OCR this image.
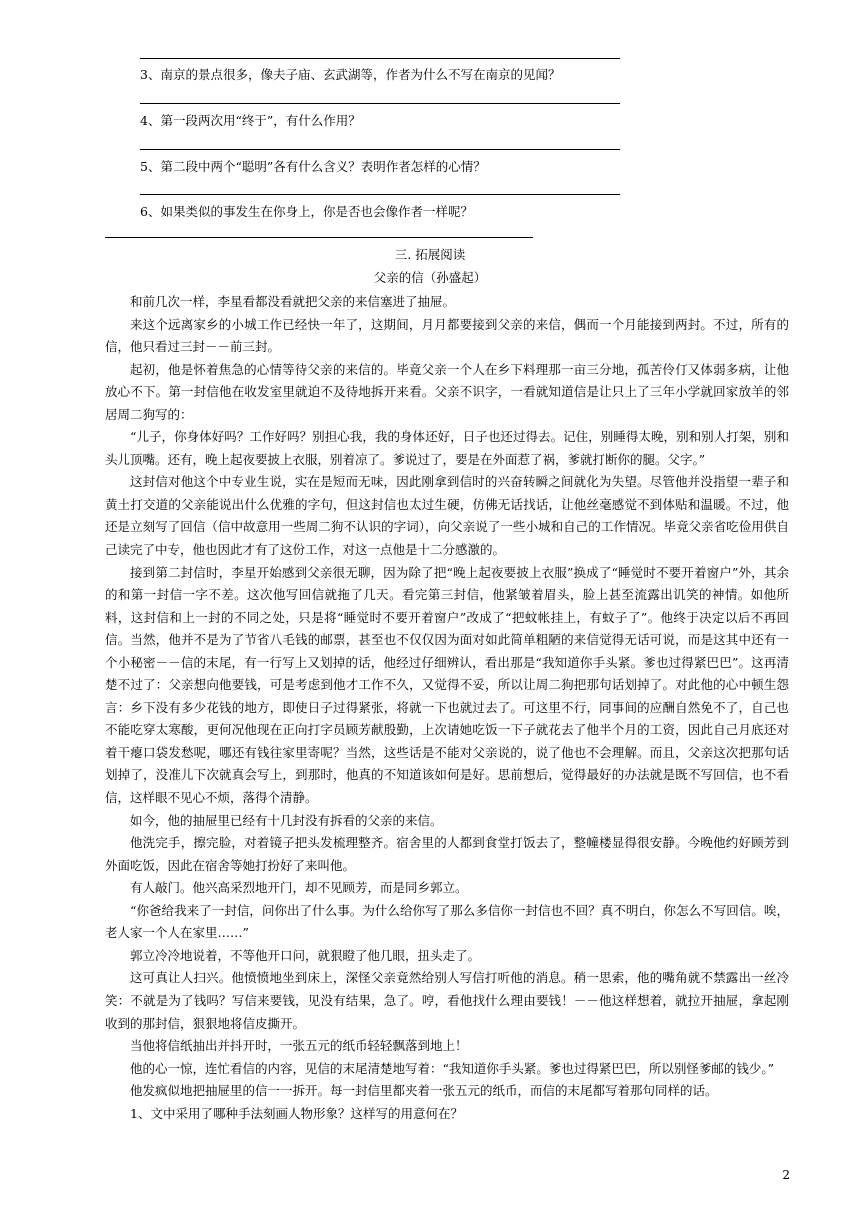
3、南京的景点很多，像夫子庙、玄武湖等，作者为什么不写在南京的见闻？
4、第一段两次用“终于”，有什么作用？
5、第二段中两个“聪明”各有什么含义？表明作者怎样的心情？
6、如果类似的事发生在你身上，你是否也会像作者一样呢？
三. 拓展阅读
父亲的信（孙盛起）

和前几次一样，李星看都没看就把父亲的来信塞进了抽屉。

来这个远离家乡的小城工作已经快一年了，这期间，月月都要接到父亲的来信，偶而一个月能接到两封。不过，所有的信，他只看过三封－－前三封。

起初，他是怀着焦急的心情等待父亲的来信的。毕竟父亲一个人在乡下料理那一亩三分地，孤苦伶仃又体弱多病，让他放心不下。第一封信他在收发室里就迫不及待地拆开来看。父亲不识字，一看就知道信是让只上了三年小学就回家放羊的邻居周二狗写的：

“儿子，你身体好吗？工作好吗？别担心我，我的身体还好，日子也还过得去。记住，别睡得太晚，别和别人打架，别和头儿顶嘴。还有，晚上起夜要披上衣服，别着凉了。爹说过了，要是在外面惹了祸，爹就打断你的腿。父字。”

这封信对他这个中专业生说，实在是短而无味，因此刚拿到信时的兴奋转瞬之间就化为失望。尽管他并没指望一辈子和黄土打交道的父亲能说出什么优雅的字句，但这封信也太过生硬，仿佛无话找话，让他丝毫感觉不到体贴和温暖。不过，他还是立刻写了回信（信中故意用一些周二狗不认识的字词），向父亲说了一些小城和自己的工作情况。毕竟父亲省吃俭用供自己读完了中专，他也因此才有了这份工作，对这一点他是十二分感激的。

接到第二封信时，李星开始感到父亲很无聊，因为除了把“晚上起夜要披上衣服”换成了“睡觉时不要开着窗户”外，其余的和第一封信一字不差。这次他写回信就拖了几天。看完第三封信，他紧皱着眉头，脸上甚至流露出讥笑的神情。如他所料，这封信和上一封的不同之处，只是将“睡觉时不要开着窗户”改成了“把蚊帐挂上，有蚊子了”。他终于决定以后不再回信。当然，他并不是为了节省八毛钱的邮票，甚至也不仅仅因为面对如此简单粗陋的来信觉得无话可说，而是这其中还有一个小秘密－－信的末尾，有一行写上又划掉的话，他经过仔细辨认，看出那是“我知道你手头紧。爹也过得紧巴巴”。这再清楚不过了：父亲想向他要钱，可是考虑到他才工作不久，又觉得不妥，所以让周二狗把那句话划掉了。对此他的心中顿生怨言：乡下没有多少花钱的地方，即使日子过得紧张，将就一下也就过去了。可这里不行，同事间的应酬自然免不了，自己也不能吃穿太寒酸，更何况他现在正向打字员顾芳献殷勤，上次请她吃饭一下子就花去了他半个月的工资，因此自己月底还对着干瘪口袋发愁呢，哪还有钱往家里寄呢？当然，这些话是不能对父亲说的，说了他也不会理解。而且，父亲这次把那句话划掉了，没准儿下次就真会写上，到那时，他真的不知道该如何是好。思前想后，觉得最好的办法就是既不写回信，也不看信，这样眼不见心不烦，落得个清静。

如今，他的抽屉里已经有十几封没有拆看的父亲的来信。

他洗完手，擦完脸，对着镜子把头发梳理整齐。宿舍里的人都到食堂打饭去了，整幢楼显得很安静。今晚他约好顾芳到外面吃饭，因此在宿舍等她打扮好了来叫他。

有人敲门。他兴高采烈地开门，却不见顾芳，而是同乡郭立。

“你爸给我来了一封信，问你出了什么事。为什么给你写了那么多信你一封信也不回？真不明白，你怎么不写回信。唉，老人家一个人在家里……”

郭立冷冷地说着，不等他开口问，就狠瞪了他几眼，扭头走了。

这可真让人扫兴。他愤愤地坐到床上，深怪父亲竟然给别人写信打听他的消息。稍一思索，他的嘴角就不禁露出一丝冷笑：不就是为了钱吗？写信来要钱，见没有结果，急了。哼，看他找什么理由要钱！－－他这样想着，就拉开抽屉，拿起刚收到的那封信，狠狠地将信皮撕开。

当他将信纸抽出并抖开时，一张五元的纸币轻轻飘落到地上！

他的心一惊，连忙看信的内容，见信的末尾清楚地写着：“我知道你手头紧。爹也过得紧巴巴，所以别怪爹邮的钱少。”

他发疯似地把抽屉里的信一一拆开。每一封信里都夹着一张五元的纸币，而信的末尾都写着那句同样的话。

1、文中采用了哪种手法刻画人物形象？这样写的用意何在？

2
